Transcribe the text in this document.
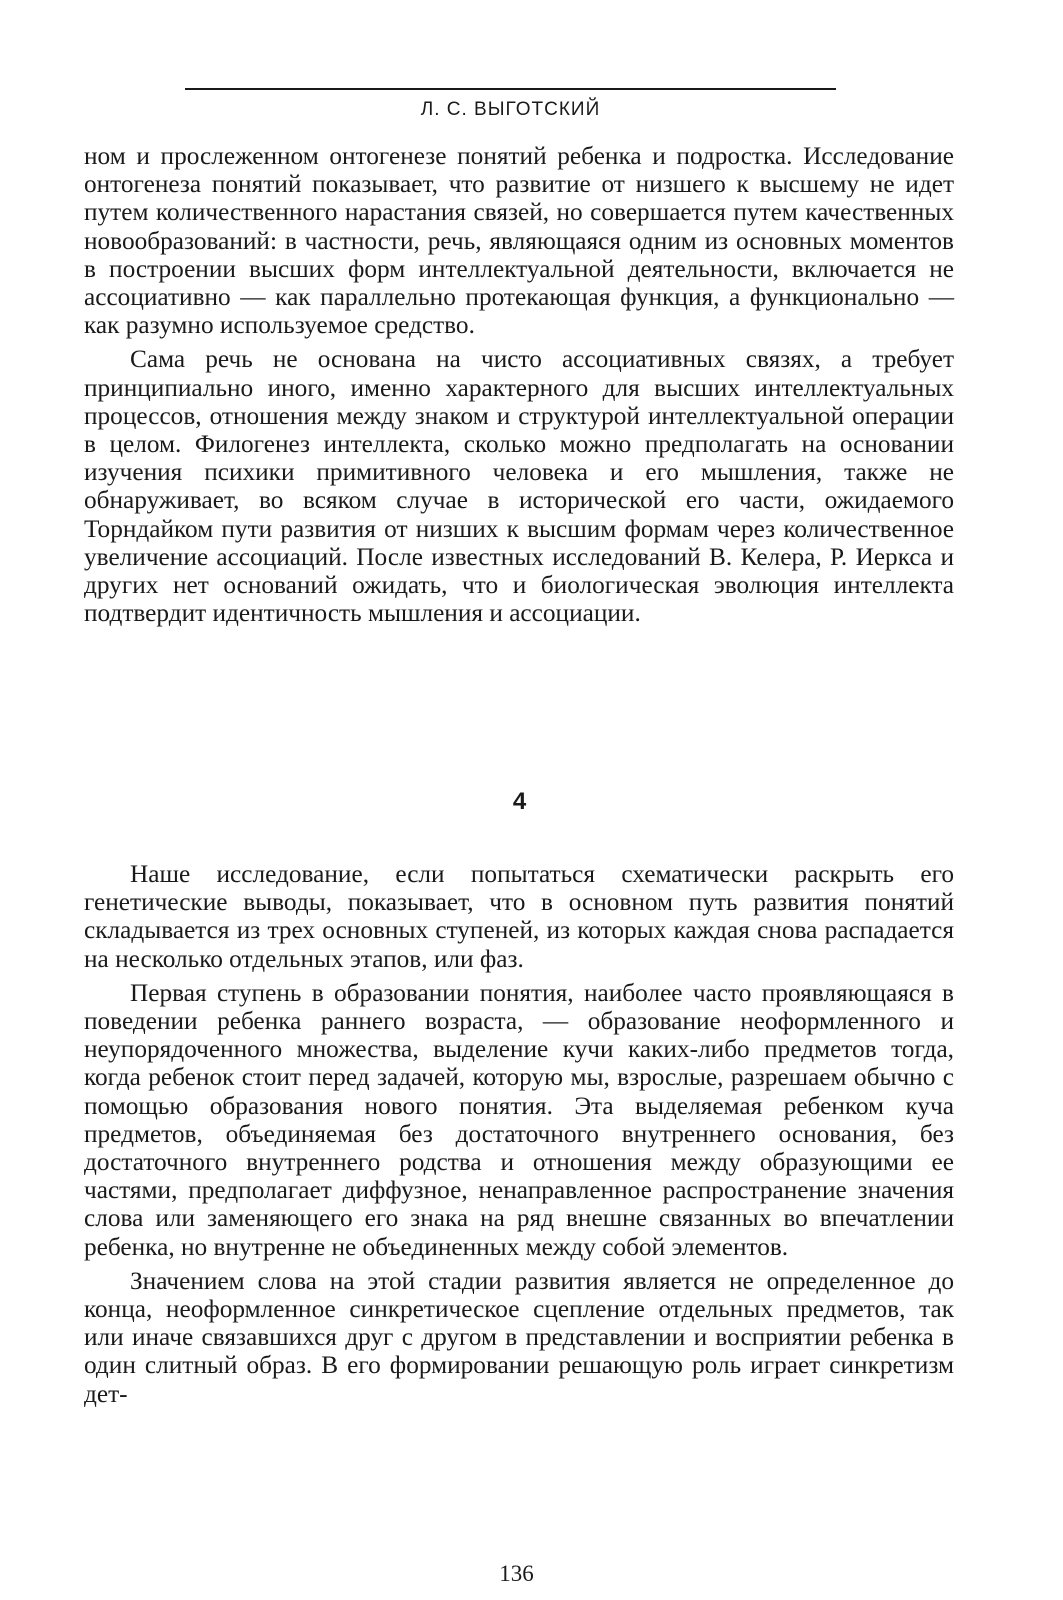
Л. С. ВЫГОТСКИЙ

ном и прослеженном онтогенезе понятий ребенка и подростка. Исследование онтогенеза понятий показывает, что развитие от низшего к высшему не идет путем количественного нарастания связей, но совершается путем качественных новообразований: в частности, речь, являющаяся одним из основных моментов в построении высших форм интеллектуальной деятельности, включается не ассоциативно — как параллельно протекающая функция, а функционально — как разумно используемое средство.

Сама речь не основана на чисто ассоциативных связях, а требует принципиально иного, именно характерного для высших интеллектуальных процессов, отношения между знаком и структурой интеллектуальной операции в целом. Филогенез интеллекта, сколько можно предполагать на основании изучения психики примитивного человека и его мышления, также не обнаруживает, во всяком случае в исторической его части, ожидаемого Торндайком пути развития от низших к высшим формам через количественное увеличение ассоциаций. После известных исследований В. Келера, Р. Иеркса и других нет оснований ожидать, что и биологическая эволюция интеллекта подтвердит идентичность мышления и ассоциации.

4

Наше исследование, если попытаться схематически раскрыть его генетические выводы, показывает, что в основном путь развития понятий складывается из трех основных ступеней, из которых каждая снова распадается на несколько отдельных этапов, или фаз.

Первая ступень в образовании понятия, наиболее часто проявляющаяся в поведении ребенка раннего возраста, — образование неоформленного и неупорядоченного множества, выделение кучи каких-либо предметов тогда, когда ребенок стоит перед задачей, которую мы, взрослые, разрешаем обычно с помощью образования нового понятия. Эта выделяемая ребенком куча предметов, объединяемая без достаточного внутреннего основания, без достаточного внутреннего родства и отношения между образующими ее частями, предполагает диффузное, ненаправленное распространение значения слова или заменяющего его знака на ряд внешне связанных во впечатлении ребенка, но внутренне не объединенных между собой элементов.

Значением слова на этой стадии развития является не определенное до конца, неоформленное синкретическое сцепление отдельных предметов, так или иначе связавшихся друг с другом в представлении и восприятии ребенка в один слитный образ. В его формировании решающую роль играет синкретизм дет-

136
